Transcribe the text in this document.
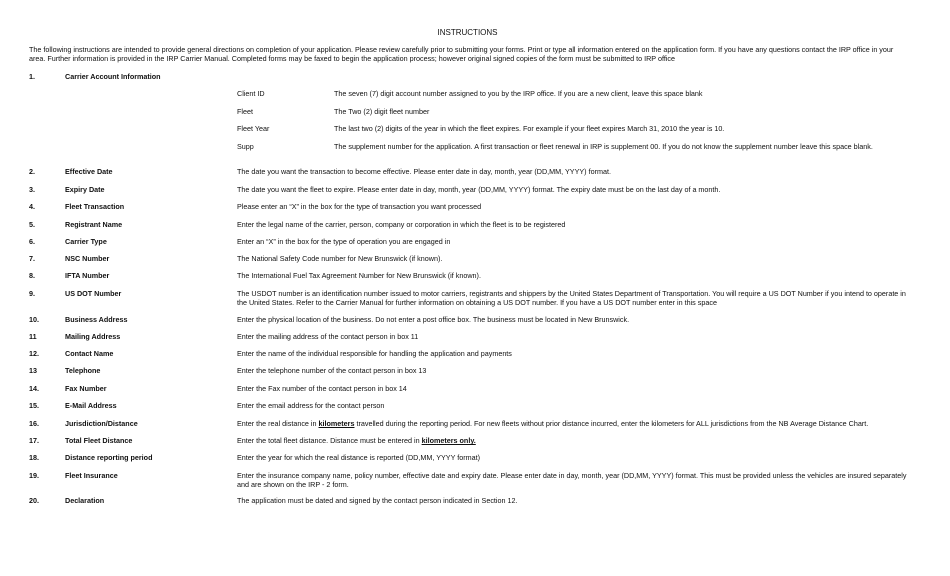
INSTRUCTIONS
The following instructions are intended to provide general directions on completion of your application. Please review carefully prior to submitting your forms. Print or type all information entered on the application form. If you have any questions contact the IRP office in your area. Further information is provided in the IRP Carrier Manual. Completed forms may be faxed to begin the application process; however original signed copies of the form must be submitted to IRP office
1.	Carrier Account Information
Client ID	The seven (7) digit account number assigned to you by the IRP office. If you are a new client, leave this space blank
Fleet	The Two (2) digit fleet number
Fleet Year	The last two (2) digits of the year in which the fleet expires. For example if your fleet expires March 31, 2010 the year is 10.
Supp	The supplement number for the application. A first transaction or fleet renewal in IRP is supplement 00. If you do not know the supplement number leave this space blank.
2.	Effective Date	The date you want the transaction to become effective. Please enter date in day, month, year (DD,MM, YYYY) format.
3.	Expiry Date	The date you want the fleet to expire. Please enter date in day, month, year (DD,MM, YYYY) format. The expiry date must be on the last day of a month.
4.	Fleet Transaction	Please enter an “X” in the box for the type of transaction you want processed
5.	Registrant Name	Enter the legal name of the carrier, person, company or corporation in which the fleet is to be registered
6.	Carrier Type	Enter an “X” in the box for the type of operation you are engaged in
7.	NSC Number	The National Safety Code number for New Brunswick (if known).
8.	IFTA Number	The International Fuel Tax Agreement Number for New Brunswick (if known).
9.	US DOT Number	The USDOT number is an identification number issued to motor carriers, registrants and shippers by the United States Department of Transportation. You will require a US DOT Number if you intend to operate in the United States. Refer to the Carrier Manual for further information on obtaining a US DOT number. If you have a US DOT number enter in this space
10.	Business Address	Enter the physical location of the business. Do not enter a post office box. The business must be located in New Brunswick.
11	Mailing Address	Enter the mailing address of the contact person in box 11
12.	Contact Name	Enter the name of the individual responsible for handling the application and payments
13	Telephone	Enter the telephone number of the contact person in box 13
14.	Fax Number	Enter the Fax number of the contact person in box 14
15.	E-Mail Address	Enter the email address for the contact person
16.	Jurisdiction/Distance	Enter the real distance in kilometers travelled during the reporting period. For new fleets without prior distance incurred, enter the kilometers for ALL jurisdictions from the NB Average Distance Chart.
17.	Total Fleet Distance	Enter the total fleet distance. Distance must be entered in kilometers only.
18.	Distance reporting period	Enter the year for which the real distance is reported (DD,MM, YYYY format)
19.	Fleet Insurance	Enter the insurance company name, policy number, effective date and expiry date. Please enter date in day, month, year (DD,MM, YYYY) format. This must be provided unless the vehicles are insured separately and are shown on the IRP - 2 form.
20.	Declaration	The application must be dated and signed by the contact person indicated in Section 12.
